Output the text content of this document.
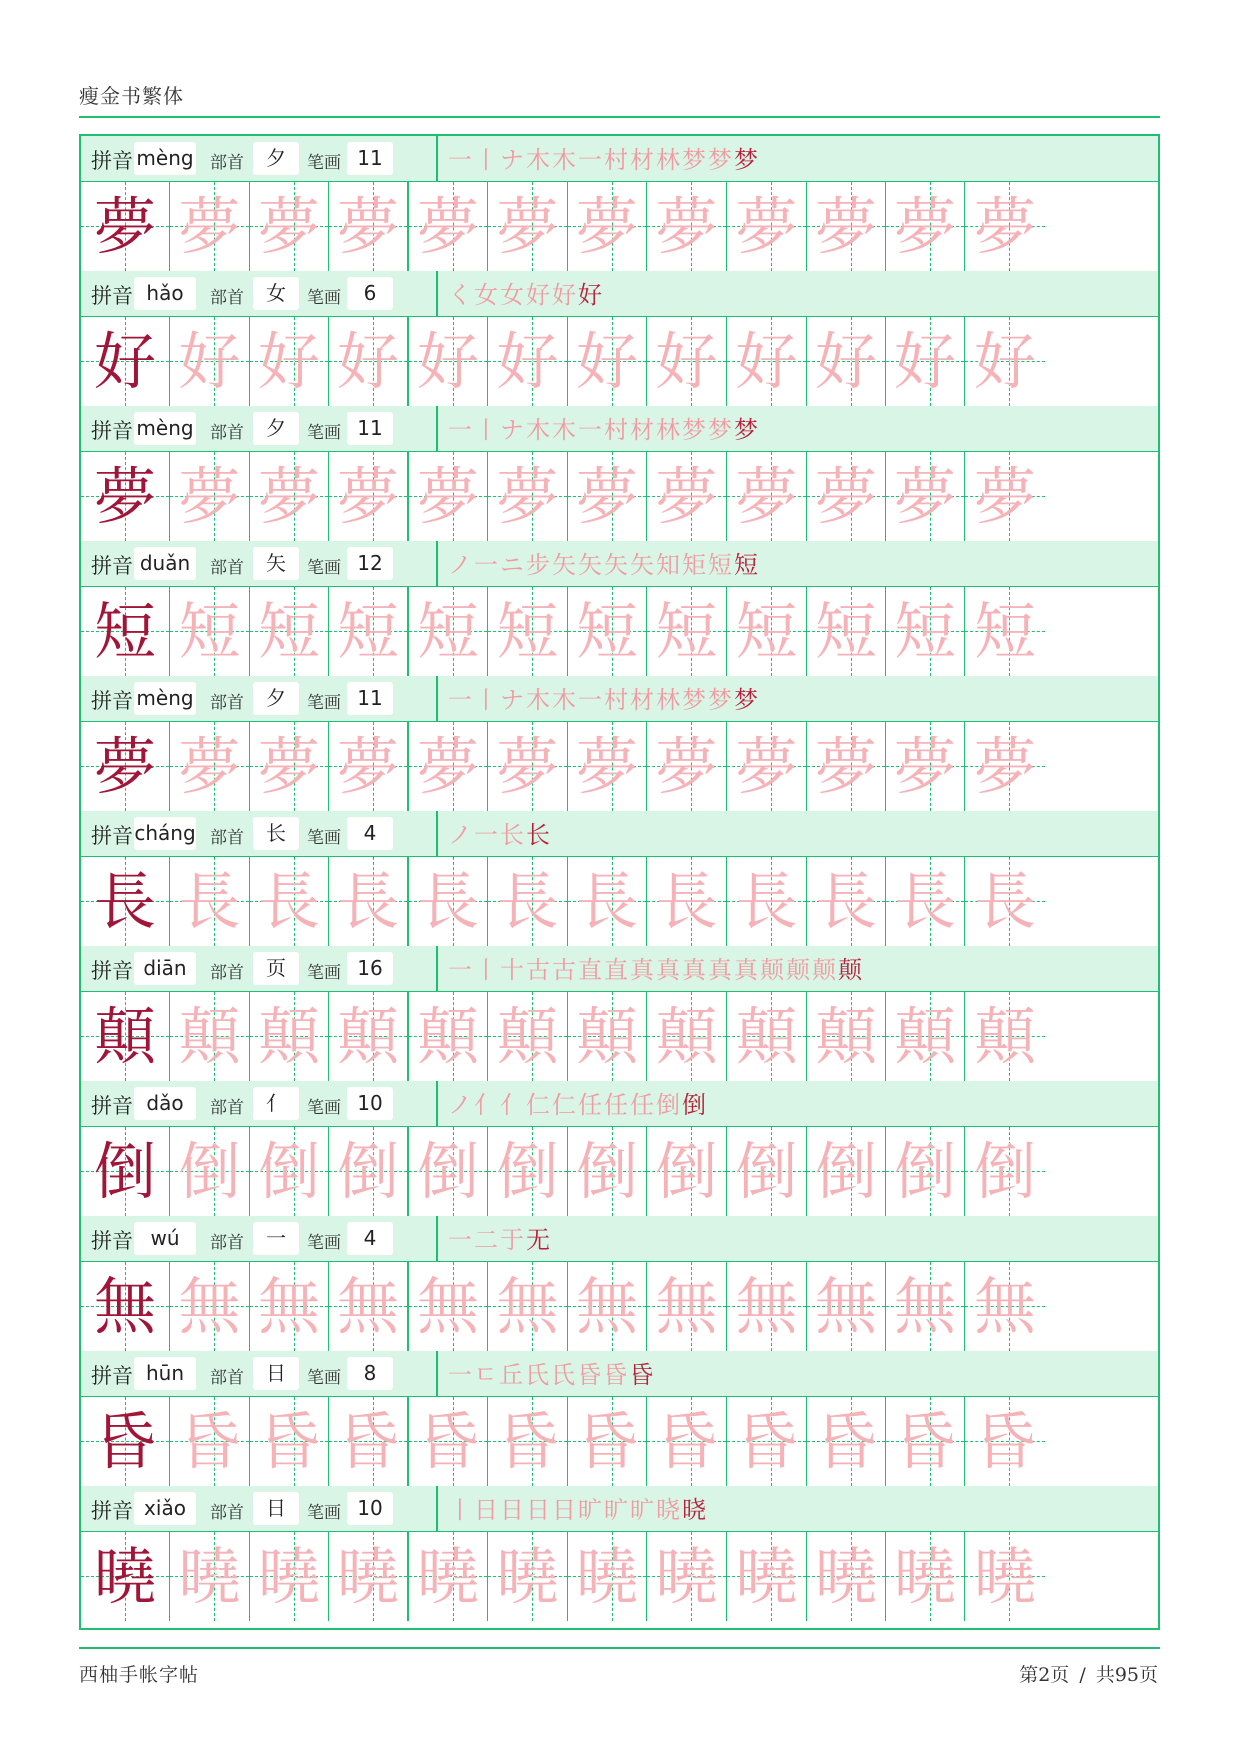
瘦金书繁体
拼音 mèng 部首	夕	笔画 11	一丨ナ木木一村材林梦梦梦
夢 夢 夢 夢 夢 夢 夢 夢 夢 夢 夢 夢
拼音 hǎo	部首	女	笔画	6	く女女好好好
好 好 好 好 好 好 好 好 好 好 好 好
拼音 mèng 部首	夕	笔画 11	一丨ナ木木一村材林梦梦梦
夢 夢 夢 夢 夢 夢 夢 夢 夢 夢 夢 夢
拼音 duǎn	部首	矢	笔画 12	ノ一ニ步矢矢矢矢知矩短短
短 短 短 短 短 短 短 短 短 短 短 短
拼音 mèng 部首	夕	笔画 11	一丨ナ木木一村材林梦梦梦
夢 夢 夢 夢 夢 夢 夢 夢 夢 夢 夢 夢
拼音 cháng 部首	长	笔画	4	ノ一长长
長 長 長 長 長 長 長 長 長 長 長 長
拼音 diān	部首	页	笔画 16	一丨十古古直直真真真真真颠颠颠颠
顛 顛 顛 顛 顛 顛 顛 顛 顛 顛 顛 顛
拼音 dǎo	部首	亻	笔画 10	ノ亻亻仁仁任任任倒倒
倒 倒 倒 倒 倒 倒 倒 倒 倒 倒 倒 倒
拼音 wú	部首	一	笔画	4	一二于无
無 無 無 無 無 無 無 無 無 無 無 無
拼音 hūn	部首	日	笔画	8	一ㄷ丘氏氏昏昏昏
昏 昏 昏 昏 昏 昏 昏 昏 昏 昏 昏 昏
拼音 xiǎo	部首	日	笔画 10	丨日日日日旷旷旷晓晓
曉 曉 曉 曉 曉 曉 曉 曉 曉 曉 曉 曉
西柚手帐字帖	第2页 / 共95页
